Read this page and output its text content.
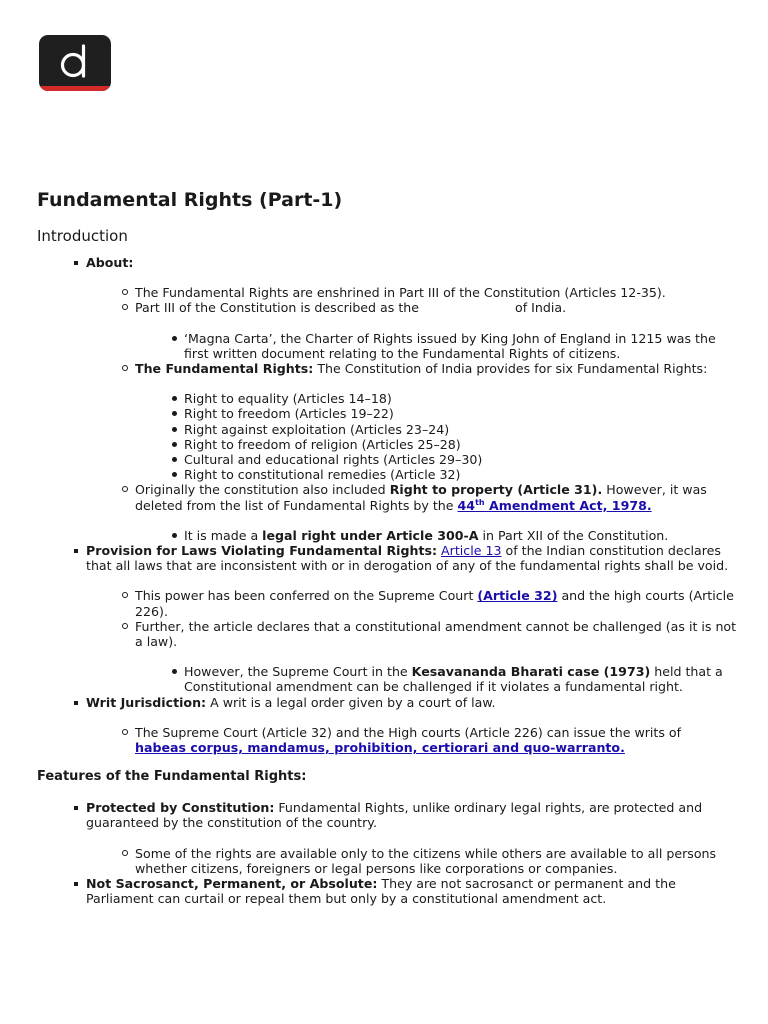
Fundamental Rights (Part-1)
Introduction
About:
The Fundamental Rights are enshrined in Part III of the Constitution (Articles 12-35).
Part III of the Constitution is described as the	of India.
‘Magna Carta’, the Charter of Rights issued by King John of England in 1215 was the first written document relating to the Fundamental Rights of citizens.
The Fundamental Rights: The Constitution of India provides for six Fundamental Rights:
Right to equality (Articles 14–18)
Right to freedom (Articles 19–22)
Right against exploitation (Articles 23–24)
Right to freedom of religion (Articles 25–28)
Cultural and educational rights (Articles 29–30)
Right to constitutional remedies (Article 32)
Originally the constitution also included Right to property (Article 31). However, it was deleted from the list of Fundamental Rights by the 44th Amendment Act, 1978.
It is made a legal right under Article 300-A in Part XII of the Constitution.
Provision for Laws Violating Fundamental Rights: Article 13 of the Indian constitution declares that all laws that are inconsistent with or in derogation of any of the fundamental rights shall be void.
This power has been conferred on the Supreme Court (Article 32) and the high courts (Article 226).
Further, the article declares that a constitutional amendment cannot be challenged (as it is not a law).
However, the Supreme Court in the Kesavananda Bharati case (1973) held that a Constitutional amendment can be challenged if it violates a fundamental right.
Writ Jurisdiction: A writ is a legal order given by a court of law.
The Supreme Court (Article 32) and the High courts (Article 226) can issue the writs of
habeas corpus, mandamus, prohibition, certiorari and quo-warranto.
Features of the Fundamental Rights:
Protected by Constitution: Fundamental Rights, unlike ordinary legal rights, are protected and guaranteed by the constitution of the country.
Some of the rights are available only to the citizens while others are available to all persons whether citizens, foreigners or legal persons like corporations or companies.
Not Sacrosanct, Permanent, or Absolute: They are not sacrosanct or permanent and the Parliament can curtail or repeal them but only by a constitutional amendment act.
